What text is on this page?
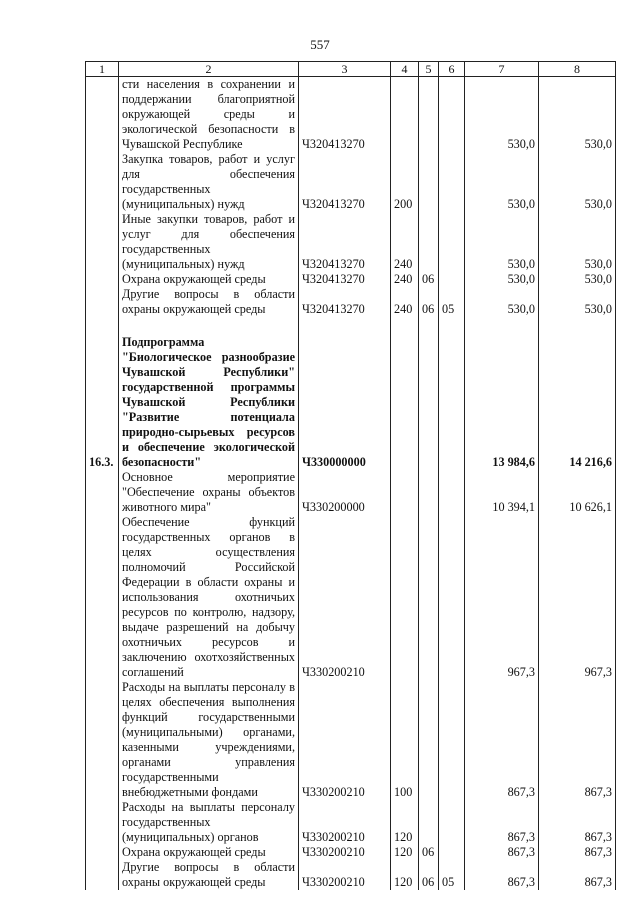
557
1	2	3	4	5	6	7	8
	сти населения в сохранении и поддержании благоприятной окружающей среды и экологической безопасности в Чувашской Республике	Ч320413270				530,0	530,0
	Закупка товаров, работ и услуг для обеспечения государственных (муниципальных) нужд	Ч320413270	200			530,0	530,0
	Иные закупки товаров, работ и услуг для обеспечения государственных (муниципальных) нужд	Ч320413270	240			530,0	530,0
	Охрана окружающей среды	Ч320413270	240	06		530,0	530,0
	Другие вопросы в области охраны окружающей среды	Ч320413270	240	06	05	530,0	530,0

16.3.	Подпрограмма "Биологическое разнообразие Чувашской Республики" государственной программы Чувашской Республики "Развитие потенциала природно-сырьевых ресурсов и обеспечение экологической безопасности"	Ч330000000				13 984,6	14 216,6
	Основное мероприятие "Обеспечение охраны объектов животного мира"	Ч330200000				10 394,1	10 626,1
	Обеспечение функций государственных органов в целях осуществления полномочий Российской Федерации в области охраны и использования охотничьих ресурсов по контролю, надзору, выдаче разрешений на добычу охотничьих ресурсов и заключению охотхозяйственных соглашений	Ч330200210				967,3	967,3
	Расходы на выплаты персоналу в целях обеспечения выполнения функций государственными (муниципальными) органами, казенными учреждениями, органами управления государственными внебюджетными фондами	Ч330200210	100			867,3	867,3
	Расходы на выплаты персоналу государственных (муниципальных) органов	Ч330200210	120			867,3	867,3
	Охрана окружающей среды	Ч330200210	120	06		867,3	867,3
	Другие вопросы в области охраны окружающей среды	Ч330200210	120	06	05	867,3	867,3
